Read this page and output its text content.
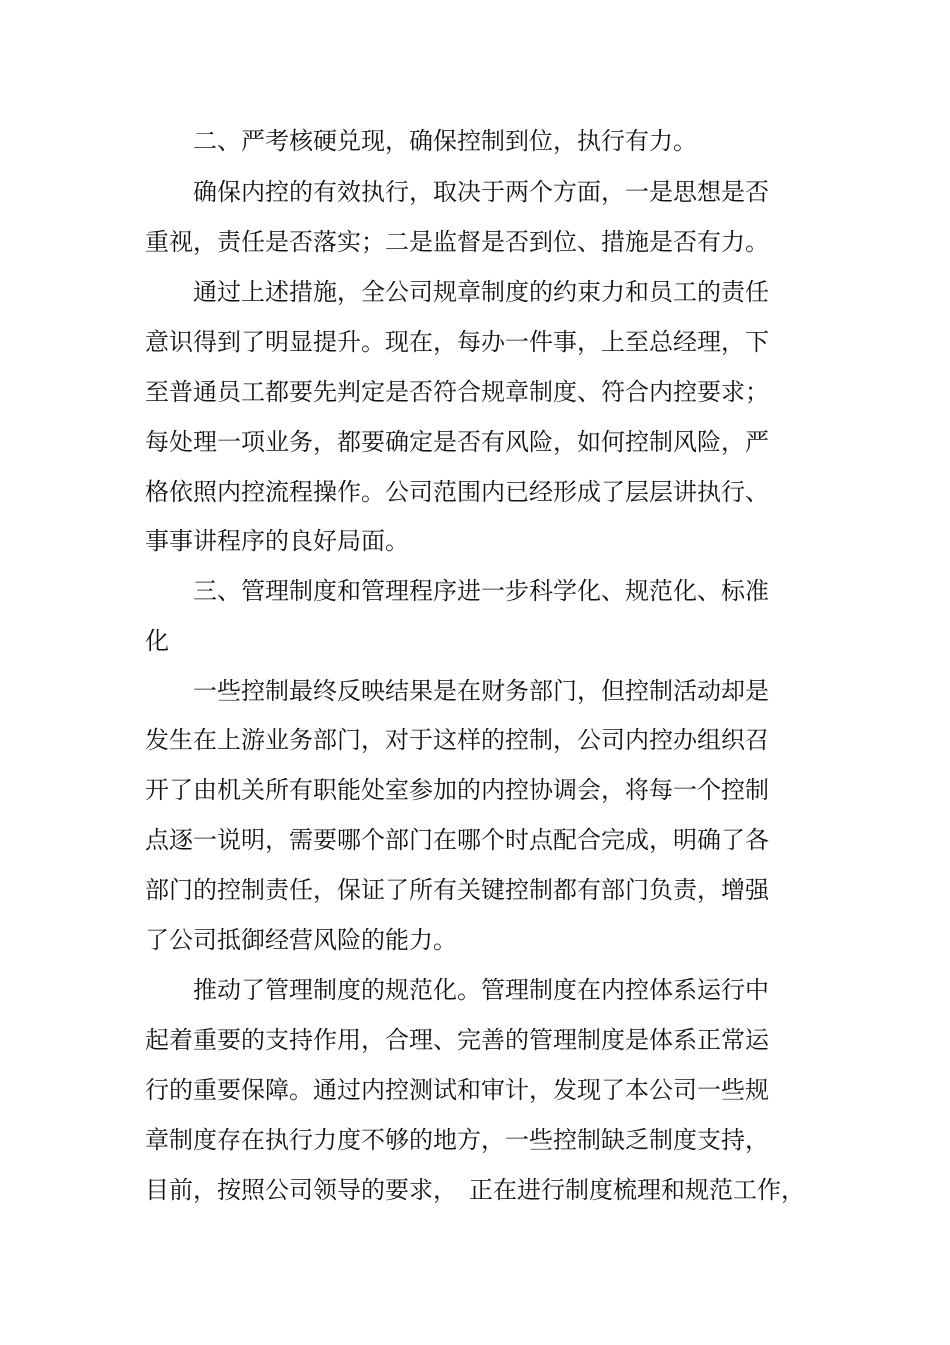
二、严考核硬兑现，确保控制到位，执行有力。
确保内控的有效执行，取决于两个方面，一是思想是否
重视，责任是否落实；二是监督是否到位、措施是否有力。
通过上述措施，全公司规章制度的约束力和员工的责任
意识得到了明显提升。现在，每办一件事，上至总经理，下
至普通员工都要先判定是否符合规章制度、符合内控要求；
每处理一项业务，都要确定是否有风险，如何控制风险，严
格依照内控流程操作。公司范围内已经形成了层层讲执行、
事事讲程序的良好局面。
三、管理制度和管理程序进一步科学化、规范化、标准
化
一些控制最终反映结果是在财务部门，但控制活动却是
发生在上游业务部门，对于这样的控制，公司内控办组织召
开了由机关所有职能处室参加的内控协调会，将每一个控制
点逐一说明，需要哪个部门在哪个时点配合完成，明确了各
部门的控制责任，保证了所有关键控制都有部门负责，增强
了公司抵御经营风险的能力。
推动了管理制度的规范化。管理制度在内控体系运行中
起着重要的支持作用，合理、完善的管理制度是体系正常运
行的重要保障。通过内控测试和审计，发现了本公司一些规
章制度存在执行力度不够的地方，一些控制缺乏制度支持，
目前，按照公司领导的要求，　正在进行制度梳理和规范工作，
